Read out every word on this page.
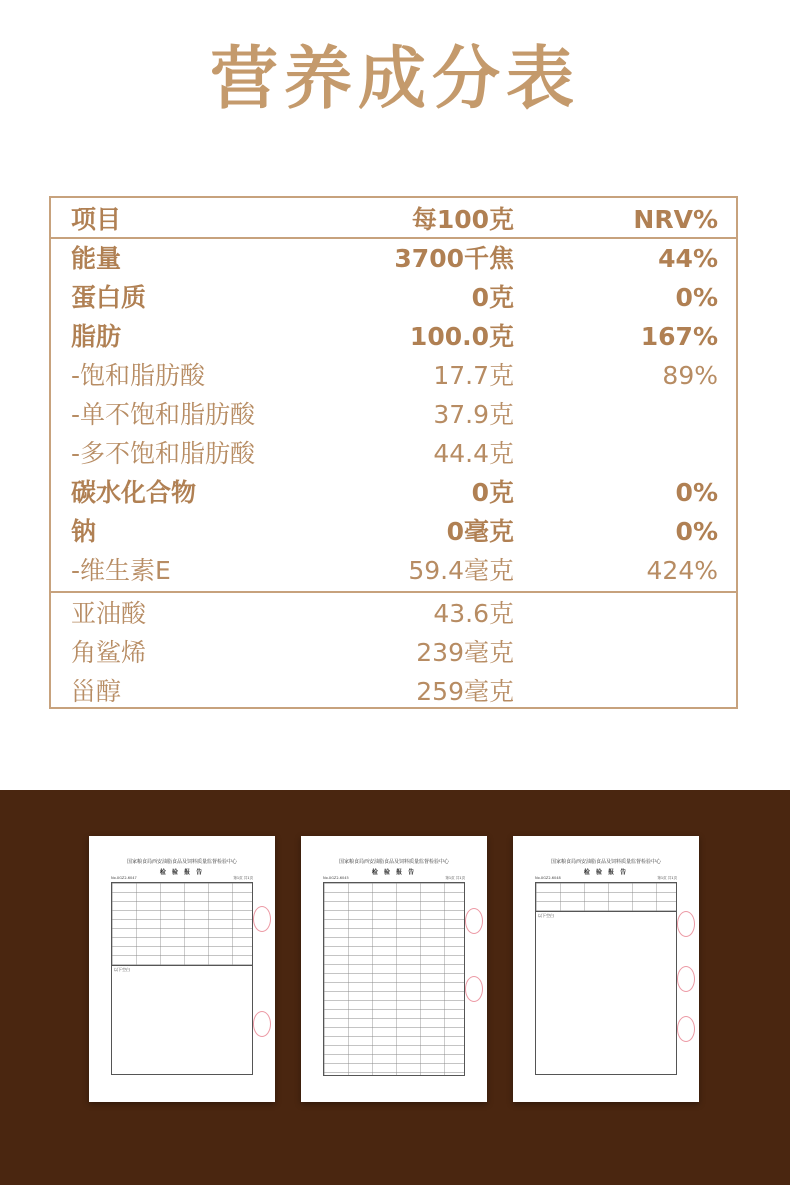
营养成分表
项目	每100克	NRV%
能量	3700千焦	44%
蛋白质	0克	0%
脂肪	100.0克	167%
-饱和脂肪酸	17.7克	89%
-单不饱和脂肪酸	37.9克
-多不饱和脂肪酸	44.4克
碳水化合物	0克	0%
钠	0毫克	0%
-维生素E	59.4毫克	424%
亚油酸	43.6克
角鲨烯	239毫克
甾醇	259毫克
国家粮食局西安油脂食品及饲料质量监督检验中心
检 验 报 告
No.XGZ2-6047	第1页 共1页
以下空白
国家粮食局西安油脂食品及饲料质量监督检验中心
检 验 报 告
No.XGZ2-6045	第1页 共1页
国家粮食局西安油脂食品及饲料质量监督检验中心
检 验 报 告
No.XGZ2-6048	第1页 共1页
以下空白
